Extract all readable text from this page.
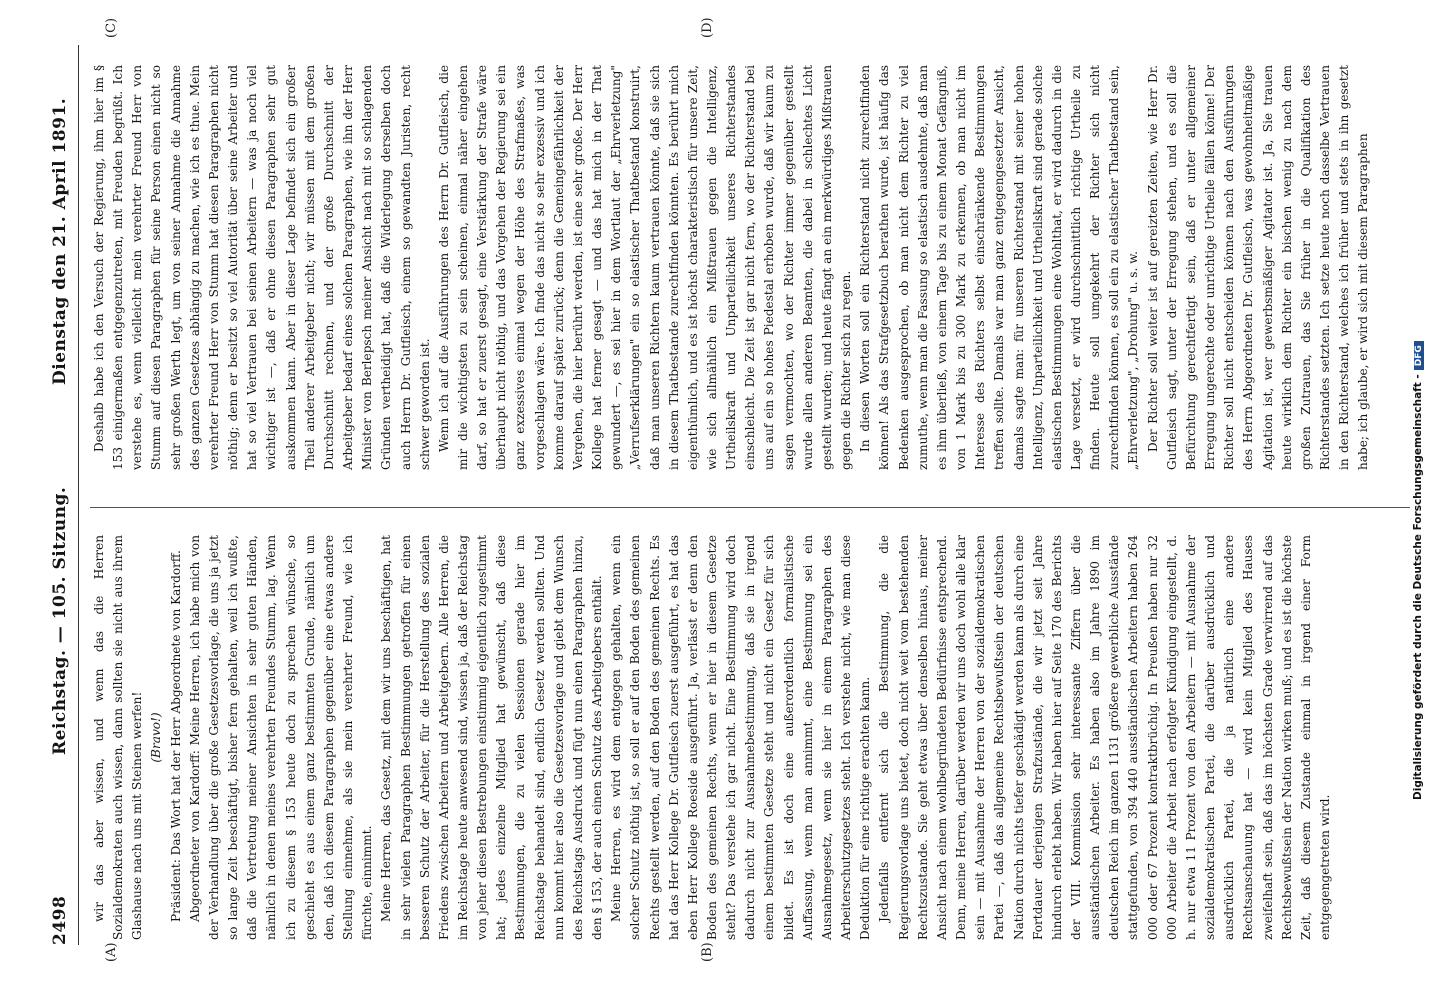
2498
Reichstag. — 105. Sitzung.
Dienstag den 21. April 1891.
(A)	(B)
(C)	(D)

wir das aber wissen, und wenn das die Herren Sozialdemokraten auch wissen, dann sollten sie nicht aus ihrem Glashause nach uns mit Steinen werfen! (Bravo!) Präsident: Das Wort hat der Herr Abgeordnete von Kardorff. Abgeordneter von Kardorff: Meine Herren, ich habe mich von der Verhandlung über die große Gesetzesvorlage, die uns ja jetzt so lange Zeit beschäftigt, bisher fern gehalten, weil ich wußte, daß die Vertretung meiner Ansichten in sehr guten Händen, nämlich in denen meines verehrten Freundes Stumm, lag. Wenn ich zu diesem § 153 heute doch zu sprechen wünsche, so geschieht es aus einem ganz bestimmten Grunde, nämlich um den, daß ich diesem Paragraphen gegenüber eine etwas andere Stellung einnehme, als sie mein verehrter Freund, wie ich fürchte, einnimmt. Meine Herren, das Gesetz, mit dem wir uns beschäftigen, hat in sehr vielen Paragraphen Bestimmungen getroffen für einen besseren Schutz der Arbeiter, für die Herstellung des sozialen Friedens zwischen Arbeitern und Arbeitgebern. Alle Herren, die im Reichstage heute anwesend sind, wissen ja, daß der Reichstag von jeher diesen Bestrebungen einstimmig eigentlich zugestimmt hat; jedes einzelne Mitglied hat gewünscht, daß diese Bestimmungen, die zu vielen Sessionen gerade hier im Reichstage behandelt sind, endlich Gesetz werden sollten. Und nun kommt hier also die Gesetzesvorlage und giebt dem Wunsch des Reichstags Ausdruck und fügt nun einen Paragraphen hinzu, den § 153, der auch einen Schutz des Arbeitgebers enthält. Meine Herren, es wird dem entgegen gehalten, wenn ein solcher Schutz nöthig ist, so soll er auf den Boden des gemeinen Rechts gestellt werden, auf den Boden des gemeinen Rechts. Es hat das Herr Kollege Dr. Gutfleisch zuerst ausgeführt, es hat das eben Herr Kollege Roeside ausgeführt. Ja, verlässt er denn den Boden des gemeinen Rechts, wenn er hier in diesem Gesetze steht? Das verstehe ich gar nicht. Eine Bestimmung wird doch dadurch nicht zur Ausnahmebestimmung, daß sie in irgend einem bestimmten Gesetze steht und nicht ein Gesetz für sich bildet. Es ist doch eine außerordentlich formalistische Auffassung, wenn man annimmt, eine Bestimmung sei ein Ausnahmegesetz, wenn sie hier in einem Paragraphen des Arbeiterschutzgesetzes steht. Ich verstehe nicht, wie man diese Deduktion für eine richtige erachten kann. Jedenfalls entfernt sich die Bestimmung, die die Regierungsvorlage uns bietet, doch nicht weit vom bestehenden Rechtszustande. Sie geht etwas über denselben hinaus, meiner Ansicht nach einem wohlbegründeten Bedürfnisse entsprechend. Denn, meine Herren, darüber werden wir uns doch wohl alle klar sein — mit Ausnahme der Herren von der sozialdemokratischen Partei —, daß das allgemeine Rechtsbewußtsein der deutschen Nation durch nichts tiefer geschädigt werden kann als durch eine Fortdauer derjenigen Strafzustände, die wir jetzt seit Jahre hindurch erlebt haben. Wir haben hier auf Seite 170 des Berichts der VIII. Kommission sehr interessante Ziffern über die ausständischen Arbeiter. Es haben also im Jahre 1890 im deutschen Reich im ganzen 1131 größere gewerbliche Ausstände stattgefunden, von 394 440 ausständischen Arbeitern haben 264 000 oder 67 Prozent kontraktbrüchig. In Preußen haben nur 32 000 Arbeiter die Arbeit nach erfolgter Kündigung eingestellt, d. h. nur etwa 11 Prozent von den Arbeitern — mit Ausnahme der sozialdemokratischen Partei, die darüber ausdrücklich und ausdrücklich Partei, die ja natürlich eine andere Rechtsanschauung hat — wird kein Mitglied des Hauses zweifelhaft sein, daß das im höchsten Grade verwirrend auf das Rechtsbewußtsein der Nation wirken muß; und es ist die höchste Zeit, daß diesem Zustande einmal in irgend einer Form entgegengetreten wird.

Deshalb habe ich den Versuch der Regierung, ihm hier im § 153 einigermaßen entgegenzutreten, mit Freuden begrüßt. Ich verstehe es, wenn vielleicht mein verehrter Freund Herr von Stumm auf diesen Paragraphen für seine Person einen nicht so sehr großen Werth legt, um von seiner Annahme die Annahme des ganzen Gesetzes abhängig zu machen, wie ich es thue. Mein verehrter Freund Herr von Stumm hat diesen Paragraphen nicht nöthig; denn er besitzt so viel Autorität über seine Arbeiter und hat so viel Vertrauen bei seinen Arbeitern — was ja noch viel wichtiger ist —, daß er ohne diesen Paragraphen sehr gut auskommen kann. Aber in dieser Lage befindet sich ein großer Theil anderer Arbeitgeber nicht; wir müssen mit dem großen Durchschnitt rechnen, und der große Durchschnitt der Arbeitgeber bedarf eines solchen Paragraphen, wie ihn der Herr Minister von Berlepsch meiner Ansicht nach mit so schlagenden Gründen vertheidigt hat, daß die Widerlegung derselben doch auch Herrn Dr. Gutfleisch, einem so gewandten Juristen, recht schwer geworden ist. Wenn ich auf die Ausführungen des Herrn Dr. Gutfleisch, die mir die wichtigsten zu sein scheinen, einmal näher eingehen darf, so hat er zuerst gesagt, eine Verstärkung der Strafe wäre überhaupt nicht nöthig, und das Vorgehen der Regierung sei ein ganz exzessives einmal wegen der Höhe des Strafmaßes, was vorgeschlagen wäre. Ich finde das nicht so sehr exzessiv und ich komme darauf später zurück; denn die Gemeingefährlichkeit der Vergehen, die hier berührt werden, ist eine sehr große. Der Herr Kollege hat ferner gesagt — und das hat mich in der That gewundert —, es sei hier in dem Wortlaut der „Ehrverletzung" „Verrufserklärungen" ein so elastischer Thatbestand konstruirt, daß man unseren Richtern kaum vertrauen könnte, daß sie sich in diesem Thatbestande zurechtfinden könnten. Es berührt mich eigenthümlich, und es ist höchst charakteristisch für unsere Zeit, wie sich allmählich ein Mißtrauen gegen die Intelligenz, Urtheilskraft und Unparteilichkeit unseres Richterstandes einschleicht. Die Zeit ist gar nicht fern, wo der Richterstand bei uns auf ein so hohes Piedestal erhoben wurde, daß wir kaum zu sagen vermochten, wo der Richter immer gegenüber gestellt wurde allen anderen Beamten, die dabei in schlechtes Licht gestellt wurden; und heute fängt an ein merkwürdiges Mißtrauen gegen die Richter sich zu regen. In diesen Worten soll ein Richterstand nicht zurechtfinden können! Als das Strafgesetzbuch berathen wurde, ist häufig das Bedenken ausgesprochen, ob man nicht dem Richter zu viel zumuthe, wenn man die Fassung so elastisch ausdehnte, daß man es ihm überließ, von einem Tage bis zu einem Monat Gefängniß, von 1 Mark bis zu 300 Mark zu erkennen, ob man nicht im Interesse des Richters selbst einschränkende Bestimmungen treffen sollte. Damals war man ganz entgegengesetzter Ansicht, damals sagte man: für unseren Richterstand mit seiner hohen Intelligenz, Unparteilichkeit und Urtheilskraft sind gerade solche elastischen Bestimmungen eine Wohlthat, er wird dadurch in die Lage versetzt, er wird durchschnittlich richtige Urtheile zu finden. Heute soll umgekehrt der Richter sich nicht zurechtfinden können, es soll ein zu elastischer Thatbestand sein, „Ehrverletzung", „Drohung" u. s. w. Der Richter soll weiter ist auf gereizten Zeiten, wie Herr Dr. Gutfleisch sagt, unter der Erregung stehen, und es soll die Befürchtung gerechtfertigt sein, daß er unter allgemeiner Erregung ungerechte oder unrichtige Urtheile fällen könne! Der Richter soll nicht entscheiden können nach den Ausführungen des Herrn Abgeordneten Dr. Gutfleisch, was gewohnheitmäßige Agitation ist, wer gewerbsmäßiger Agitator ist. Ja, Sie trauen heute wirklich dem Richter ein bischen wenig zu nach dem großen Zutrauen, das Sie früher in die Qualifikation des Richterstandes setzten. Ich setze heute noch dasselbe Vertrauen in den Richterstand, welches ich früher und stets in ihn gesetzt habe; ich glaube, er wird sich mit diesem Paragraphen

Digitalisierung gefördert durch die Deutsche Forschungsgemeinschaft -DFG
